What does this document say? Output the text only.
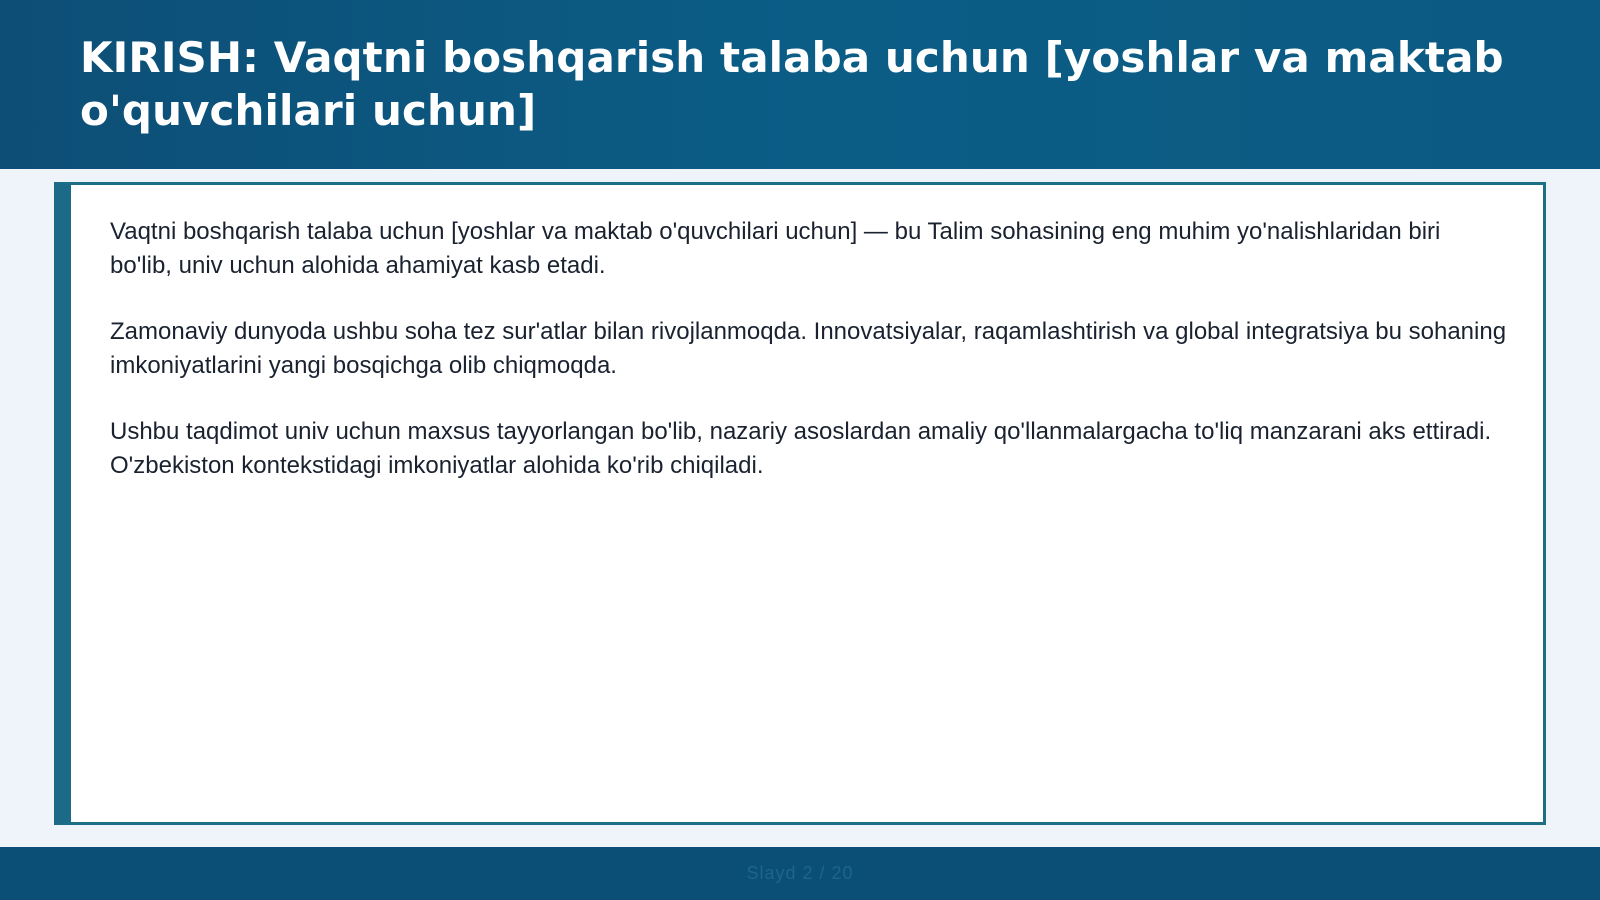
KIRISH: Vaqtni boshqarish talaba uchun [yoshlar va maktab o'quvchilari uchun]

Vaqtni boshqarish talaba uchun [yoshlar va maktab o'quvchilari uchun] — bu Talim sohasining eng muhim yo'nalishlaridan biri bo'lib, univ uchun alohida ahamiyat kasb etadi.

Zamonaviy dunyoda ushbu soha tez sur'atlar bilan rivojlanmoqda. Innovatsiyalar, raqamlashtirish va global integratsiya bu sohaning imkoniyatlarini yangi bosqichga olib chiqmoqda.

Ushbu taqdimot univ uchun maxsus tayyorlangan bo'lib, nazariy asoslardan amaliy qo'llanmalargacha to'liq manzarani aks ettiradi. O'zbekiston kontekstidagi imkoniyatlar alohida ko'rib chiqiladi.

Slayd 2 / 20
